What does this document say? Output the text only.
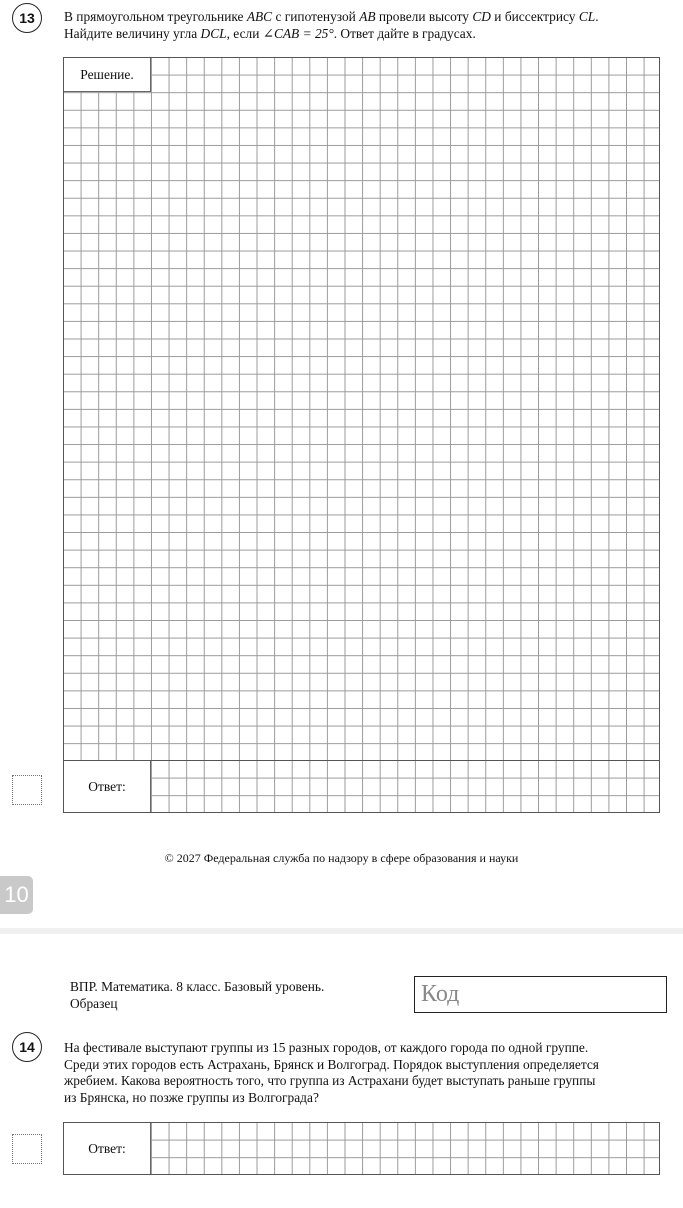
13	В прямоугольном треугольнике ABC с гипотенузой AB провели высоту CD и биссектрису CL.
Найдите величину угла DCL, если ∠CAB = 25°. Ответ дайте в градусах.
Решение.
Ответ:
© 2027 Федеральная служба по надзору в сфере образования и науки
10
ВПР. Математика. 8 класс. Базовый уровень.
Образец	Код
14	На фестивале выступают группы из 15 разных городов, от каждого города по одной группе.
Среди этих городов есть Астрахань, Брянск и Волгоград. Порядок выступления определяется
жребием. Какова вероятность того, что группа из Астрахани будет выступать раньше группы
из Брянска, но позже группы из Волгограда?
Ответ:
